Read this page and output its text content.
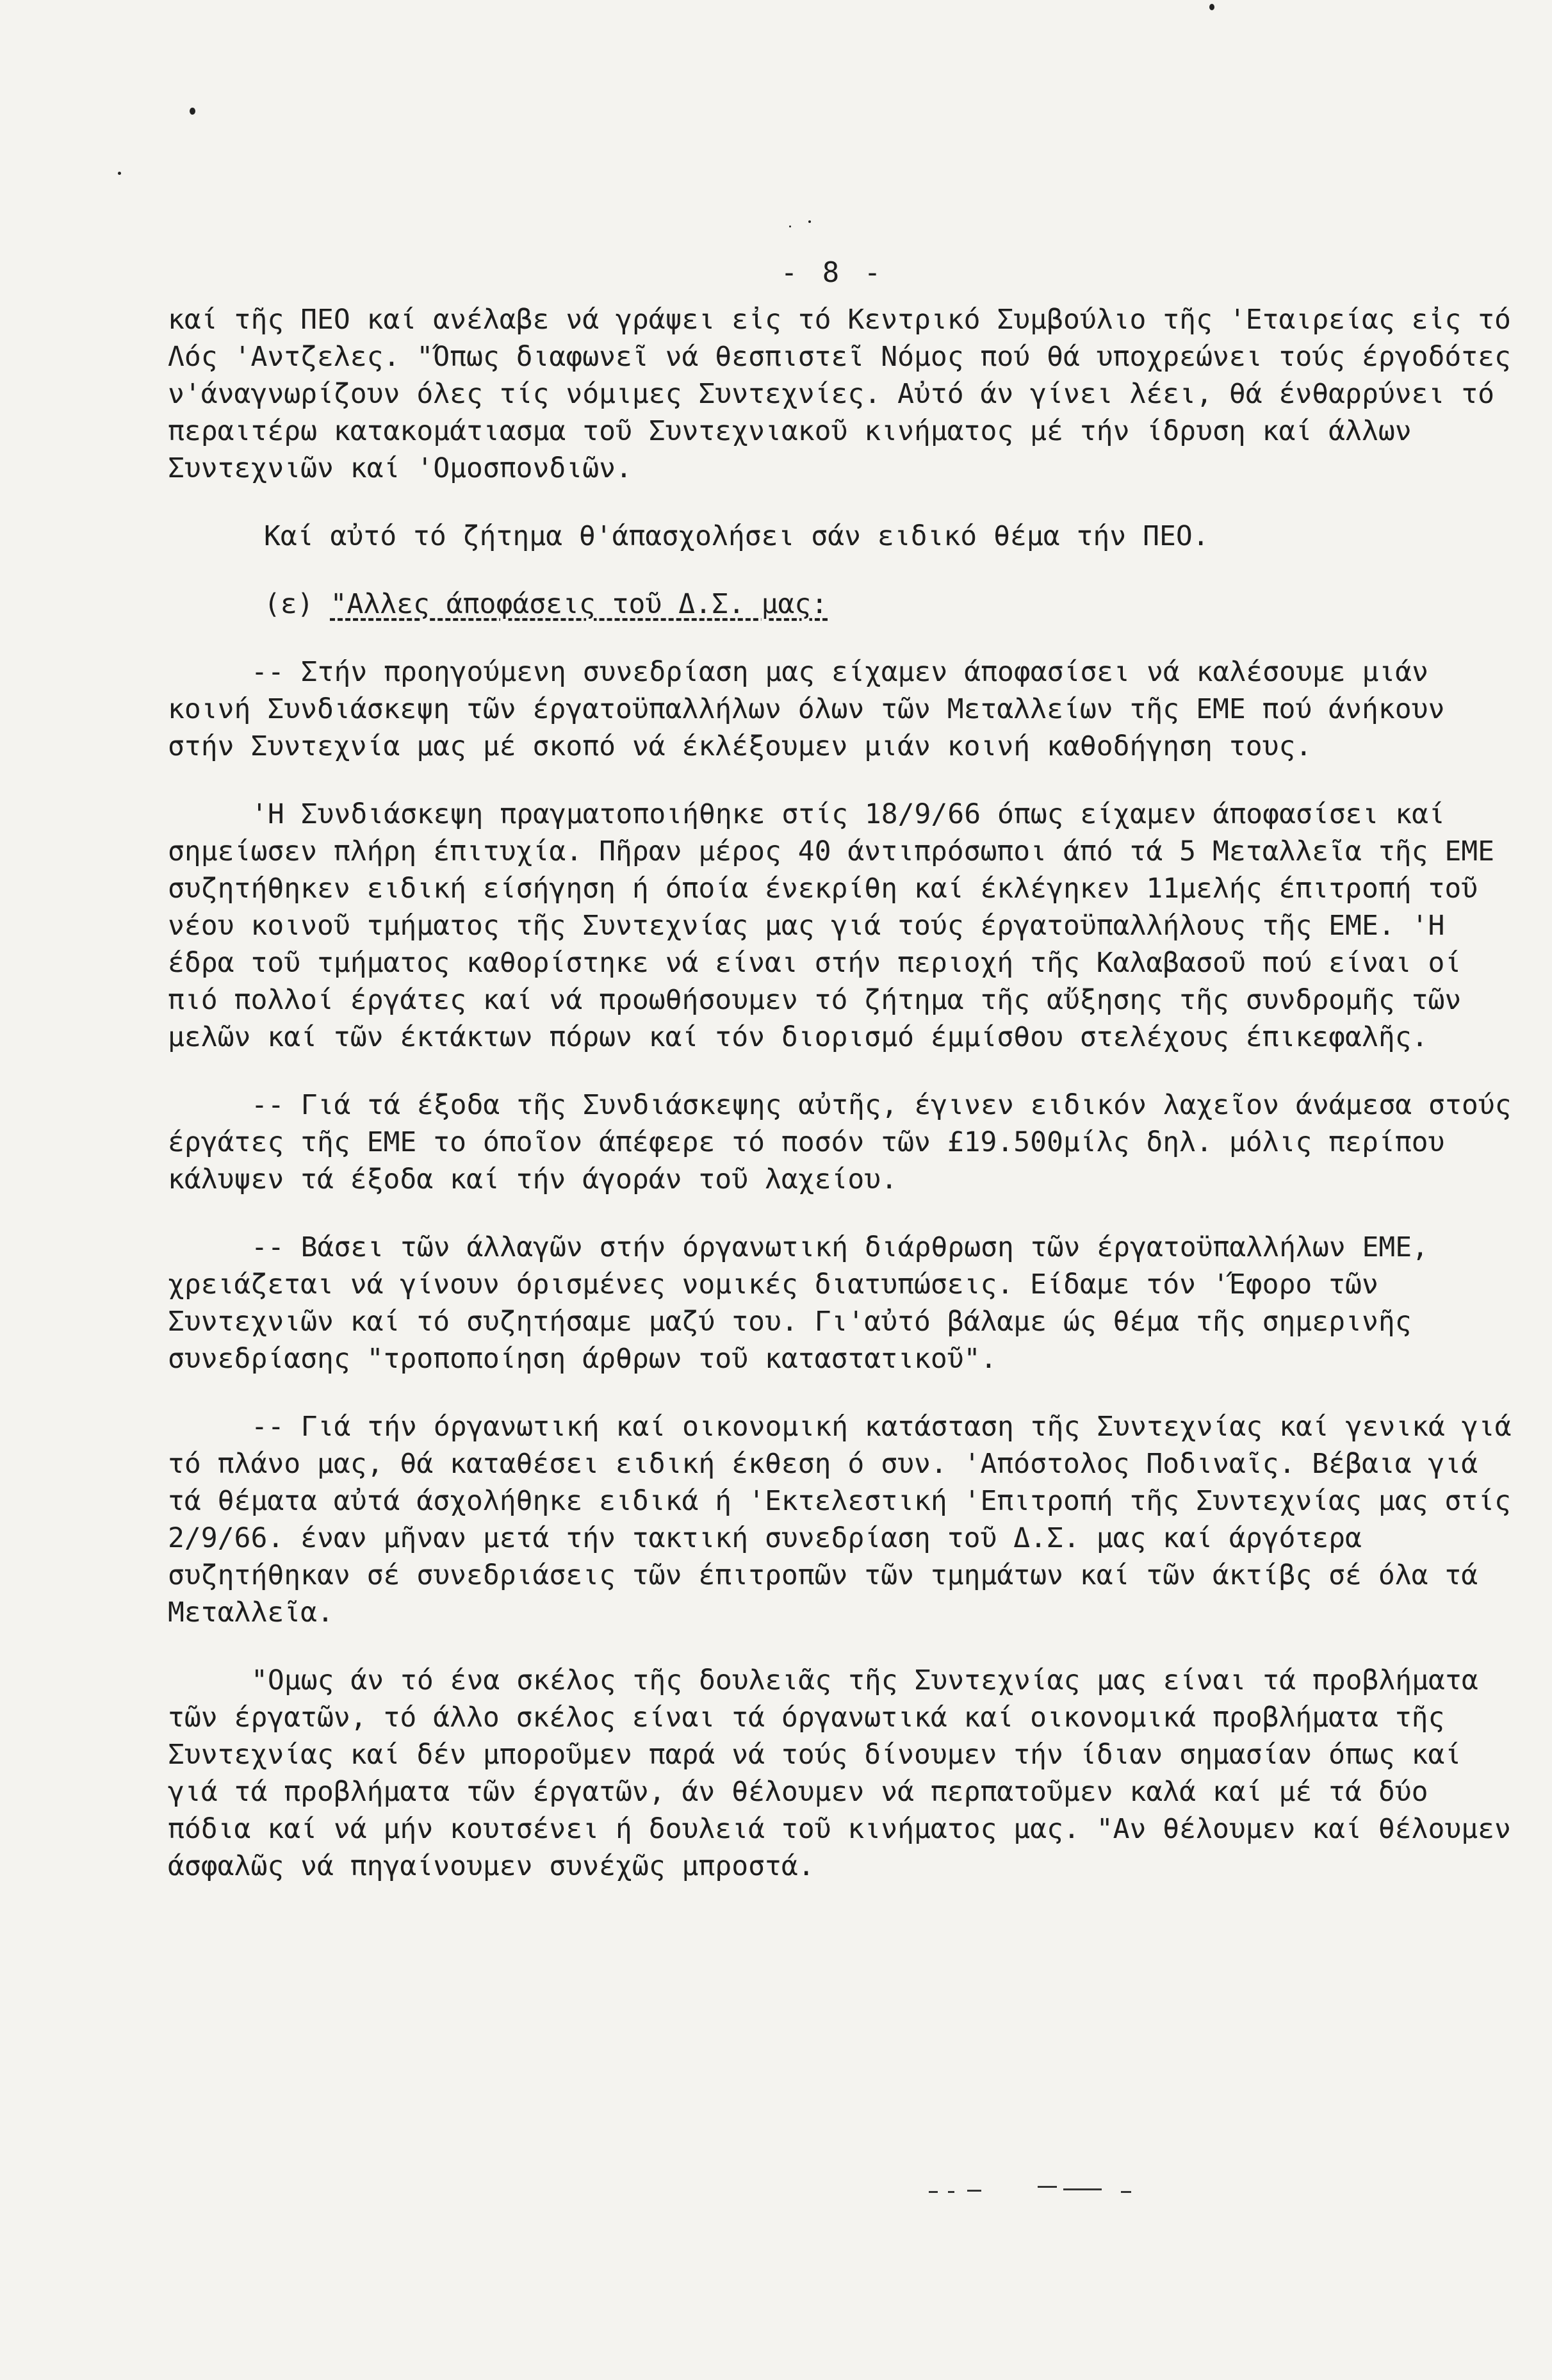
- 8 -

καί τῆς ΠΕΟ καί ανέλαβε νά γράψει εἰς τό Κεντρικό Συμβούλιο τῆς 'Εταιρείας εἰς τό Λός 'Αντζελες. "Όπως διαφωνεῖ νά θεσπιστεῖ Νόμος πού θά υποχρεώνει τούς έργοδότες ν'άναγνωρίζουν όλες τίς νόμιμες Συντεχνίες. Αὐτό άν γίνει λέει, θά ένθαρρύνει τό περαιτέρω κατακομάτιασμα τοῦ Συντεχνιακοῦ κινήματος μέ τήν ίδρυση καί άλλων Συντεχνιῶν καί 'Ομοσπονδιῶν.

Καί αὐτό τό ζήτημα θ'άπασχολήσει σάν ειδικό θέμα τήν ΠΕΟ.

(ε) "Αλλες άποφάσεις τοῦ Δ.Σ. μας:

-- Στήν προηγούμενη συνεδρίαση μας είχαμεν άποφασίσει νά καλέσουμε μιάν κοινή Συνδιάσκεψη τῶν έργατοϋπαλλήλων όλων τῶν Μεταλλείων τῆς ΕΜΕ πού άνήκουν στήν Συντεχνία μας μέ σκοπό νά έκλέξουμεν μιάν κοινή καθοδήγηση τους.

'Η Συνδιάσκεψη πραγματοποιήθηκε στίς 18/9/66 όπως είχαμεν άποφασίσει καί σημείωσεν πλήρη έπιτυχία. Πῆραν μέρος 40 άντιπρόσωποι άπό τά 5 Μεταλλεῖα τῆς ΕΜΕ συζητήθηκεν ειδική είσήγηση ή όποία ένεκρίθη καί έκλέγηκεν 11μελής έπιτροπή τοῦ νέου κοινοῦ τμήματος τῆς Συντεχνίας μας γιά τούς έργατοϋπαλλήλους τῆς ΕΜΕ. 'Η έδρα τοῦ τμήματος καθορίστηκε νά είναι στήν περιοχή τῆς Καλαβασοῦ πού είναι οί πιό πολλοί έργάτες καί νά προωθήσουμεν τό ζήτημα τῆς αὔξησης τῆς συνδρομῆς τῶν μελῶν καί τῶν έκτάκτων πόρων καί τόν διορισμό έμμίσθου στελέχους έπικεφαλῆς.

-- Γιά τά έξοδα τῆς Συνδιάσκεψης αὐτῆς, έγινεν ειδικόν λαχεῖον άνάμεσα στούς έργάτες τῆς ΕΜΕ το όποῖον άπέφερε τό ποσόν τῶν £19.500μίλς δηλ. μόλις περίπου κάλυψεν τά έξοδα καί τήν άγοράν τοῦ λαχείου.

-- Βάσει τῶν άλλαγῶν στήν όργανωτική διάρθρωση τῶν έργατοϋπαλλήλων ΕΜΕ, χρειάζεται νά γίνουν όρισμένες νομικές διατυπώσεις. Είδαμε τόν 'Έφορο τῶν Συντεχνιῶν καί τό συζητήσαμε μαζύ του. Γι'αὐτό βάλαμε ώς θέμα τῆς σημερινῆς συνεδρίασης "τροποποίηση άρθρων τοῦ καταστατικοῦ".

-- Γιά τήν όργανωτική καί οικονομική κατάσταση τῆς Συντεχνίας καί γενικά γιά τό πλάνο μας, θά καταθέσει ειδική έκθεση ό συν. 'Απόστολος Ποδιναῖς. Βέβαια γιά τά θέματα αὐτά άσχολήθηκε ειδικά ή 'Εκτελεστική 'Επιτροπή τῆς Συντεχνίας μας στίς 2/9/66. έναν μῆναν μετά τήν τακτική συνεδρίαση τοῦ Δ.Σ. μας καί άργότερα συζητήθηκαν σέ συνεδριάσεις τῶν έπιτροπῶν τῶν τμημάτων καί τῶν άκτίβς σέ όλα τά Μεταλλεῖα.

"Ομως άν τό ένα σκέλος τῆς δουλειᾶς τῆς Συντεχνίας μας είναι τά προβλήματα τῶν έργατῶν, τό άλλο σκέλος είναι τά όργανωτικά καί οικονομικά προβλήματα τῆς Συντεχνίας καί δέν μποροῦμεν παρά νά τούς δίνουμεν τήν ίδιαν σημασίαν όπως καί γιά τά προβλήματα τῶν έργατῶν, άν θέλουμεν νά περπατοῦμεν καλά καί μέ τά δύο πόδια καί νά μήν κουτσένει ή δουλειά τοῦ κινήματος μας. "Αν θέλουμεν καί θέλουμεν άσφαλῶς νά πηγαίνουμεν συνέχῶς μπροστά.
